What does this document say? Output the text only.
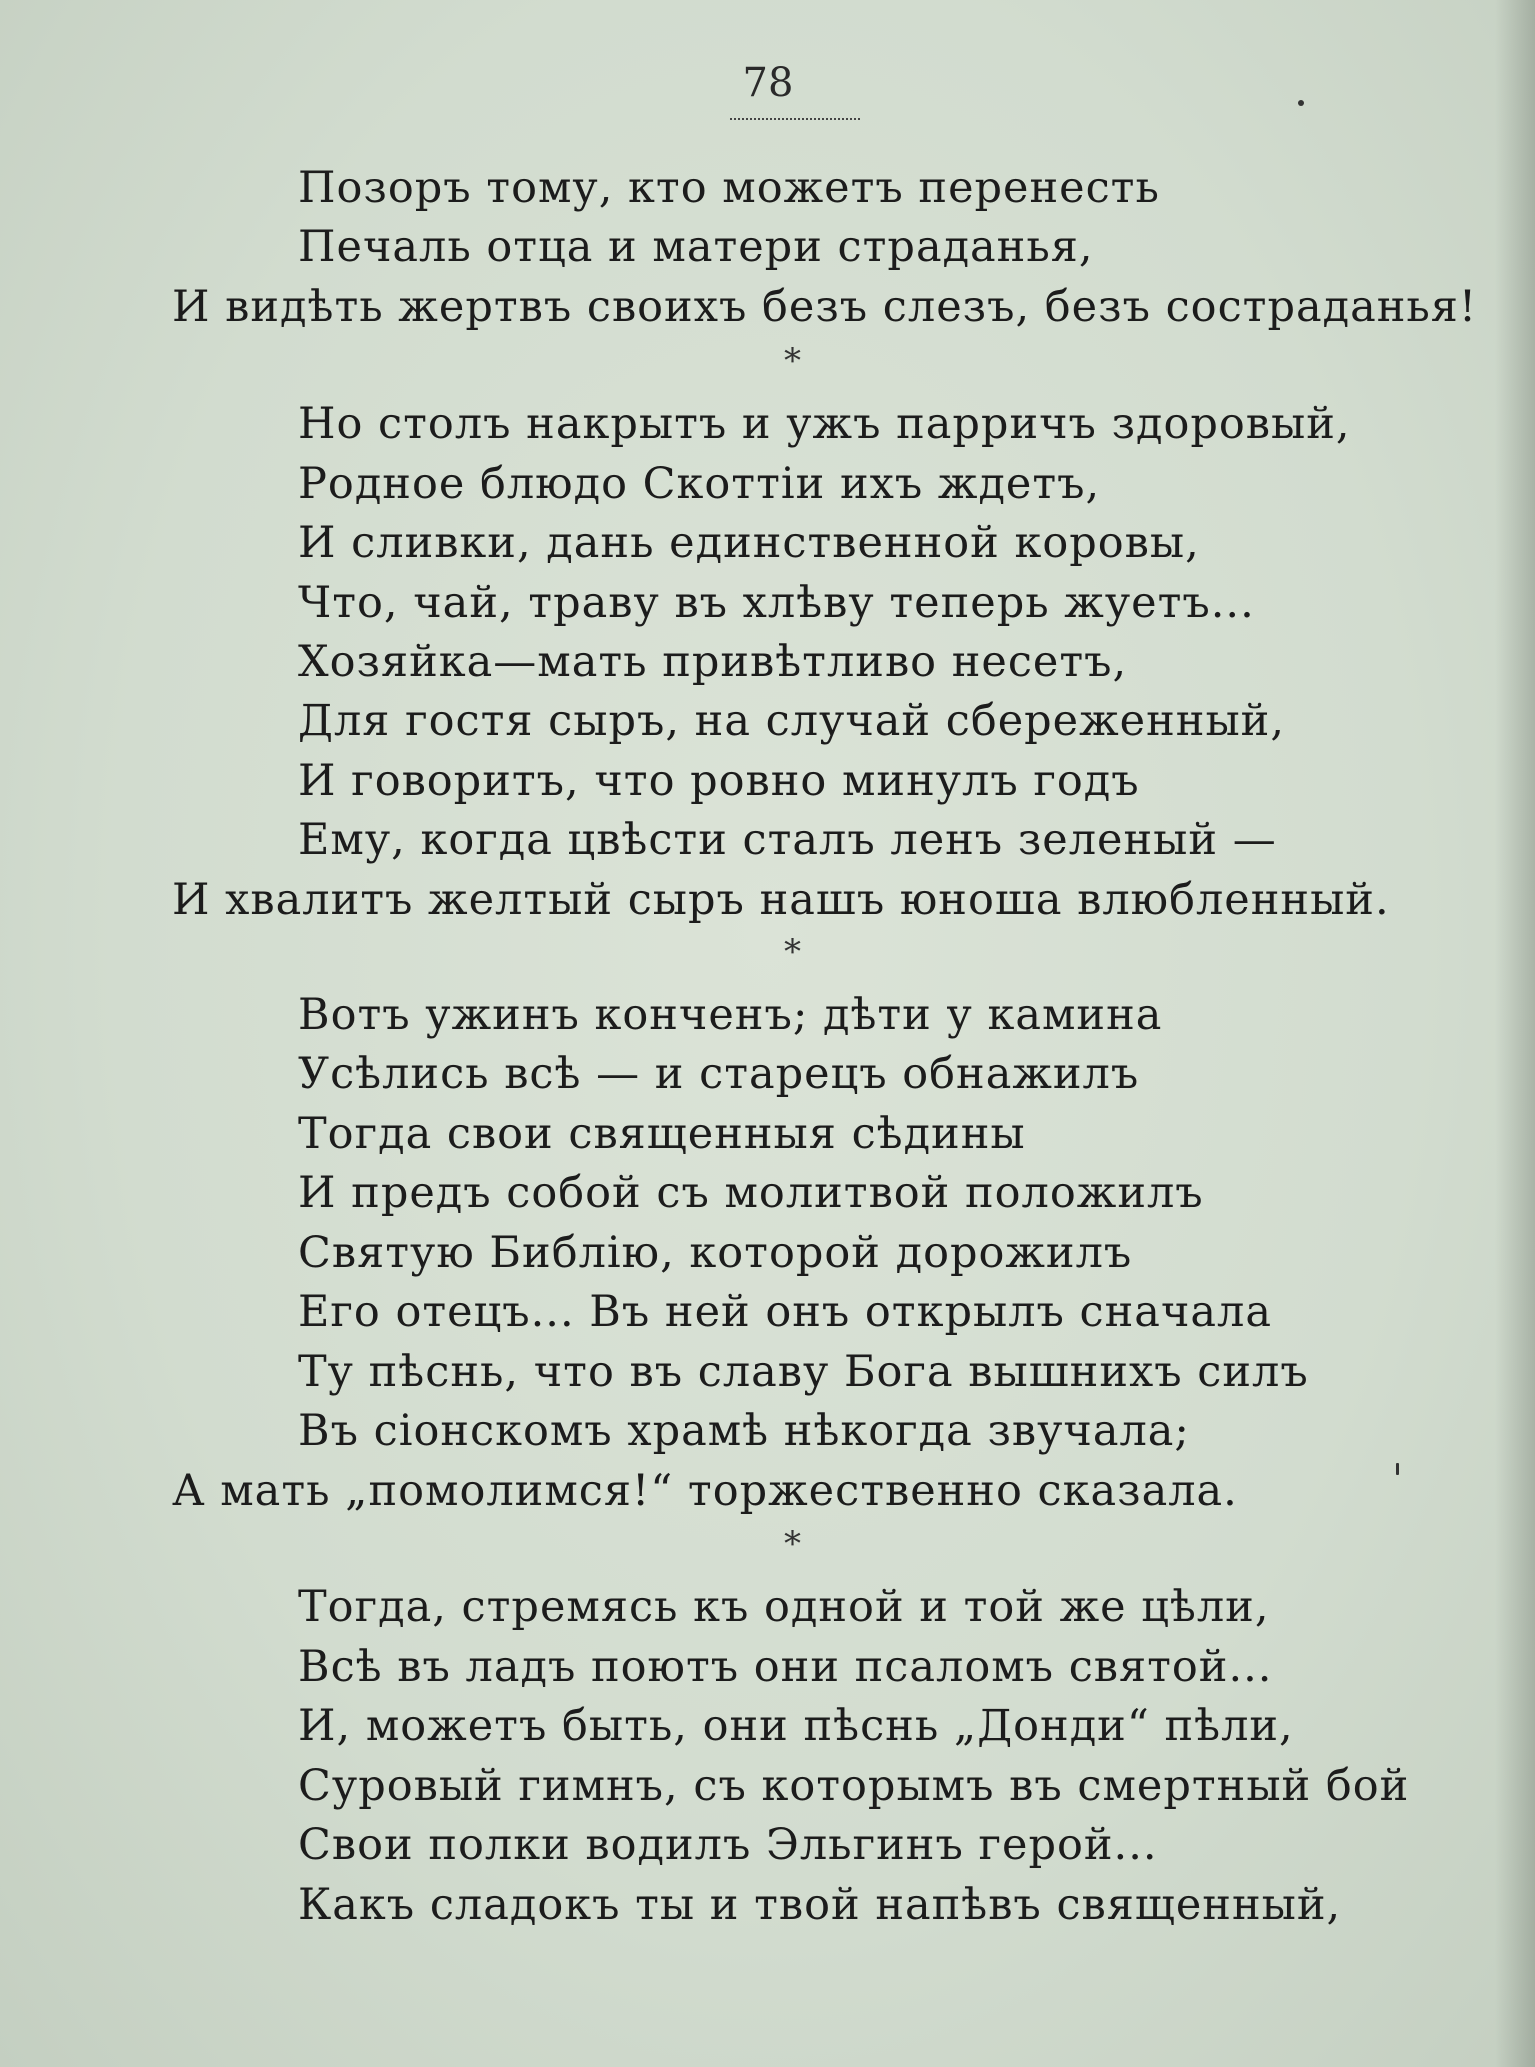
78
Позоръ тому, кто можетъ перенесть
Печаль отца и матери страданья,
И видѣть жертвъ своихъ безъ слезъ, безъ состраданья!
*
Но столъ накрытъ и ужъ парричъ здоровый,
Родное блюдо Скоттіи ихъ ждетъ,
И сливки, дань единственной коровы,
Что, чай, траву въ хлѣву теперь жуетъ...
Хозяйка—мать привѣтливо несетъ,
Для гостя сыръ, на случай сбереженный,
И говоритъ, что ровно минулъ годъ
Ему, когда цвѣсти сталъ ленъ зеленый —
И хвалитъ желтый сыръ нашъ юноша влюбленный.
*
Вотъ ужинъ конченъ; дѣти у камина
Усѣлись всѣ — и старецъ обнажилъ
Тогда свои священныя сѣдины
И предъ собой съ молитвой положилъ
Святую Библію, которой дорожилъ
Его отецъ... Въ ней онъ открылъ сначала
Ту пѣснь, что въ славу Бога вышнихъ силъ
Въ сіонскомъ храмѣ нѣкогда звучала;
А мать „помолимся!“ торжественно сказала.
*
Тогда, стремясь къ одной и той же цѣли,
Всѣ въ ладъ поютъ они псаломъ святой...
И, можетъ быть, они пѣснь „Донди“ пѣли,
Суровый гимнъ, съ которымъ въ смертный бой
Свои полки водилъ Эльгинъ герой...
Какъ сладокъ ты и твой напѣвъ священный,
